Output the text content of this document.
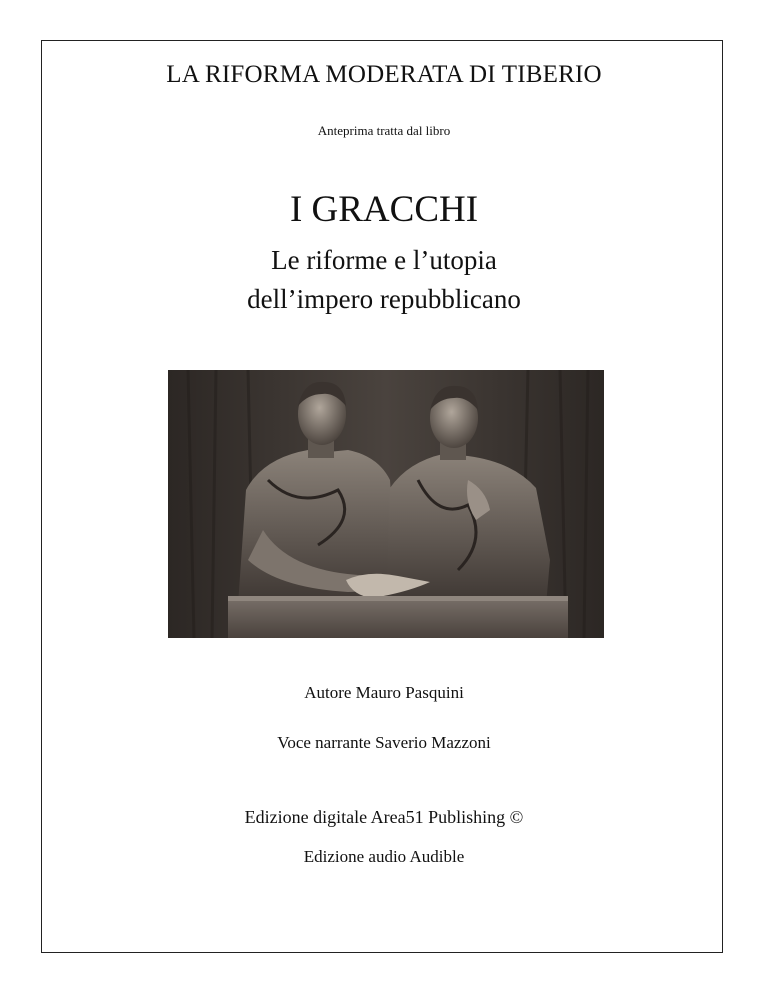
LA RIFORMA MODERATA DI TIBERIO
Anteprima tratta dal libro
I GRACCHI
Le riforme e l’utopia
dell’impero repubblicano
Autore Mauro Pasquini
Voce narrante Saverio Mazzoni
Edizione digitale Area51 Publishing ©
Edizione audio Audible
